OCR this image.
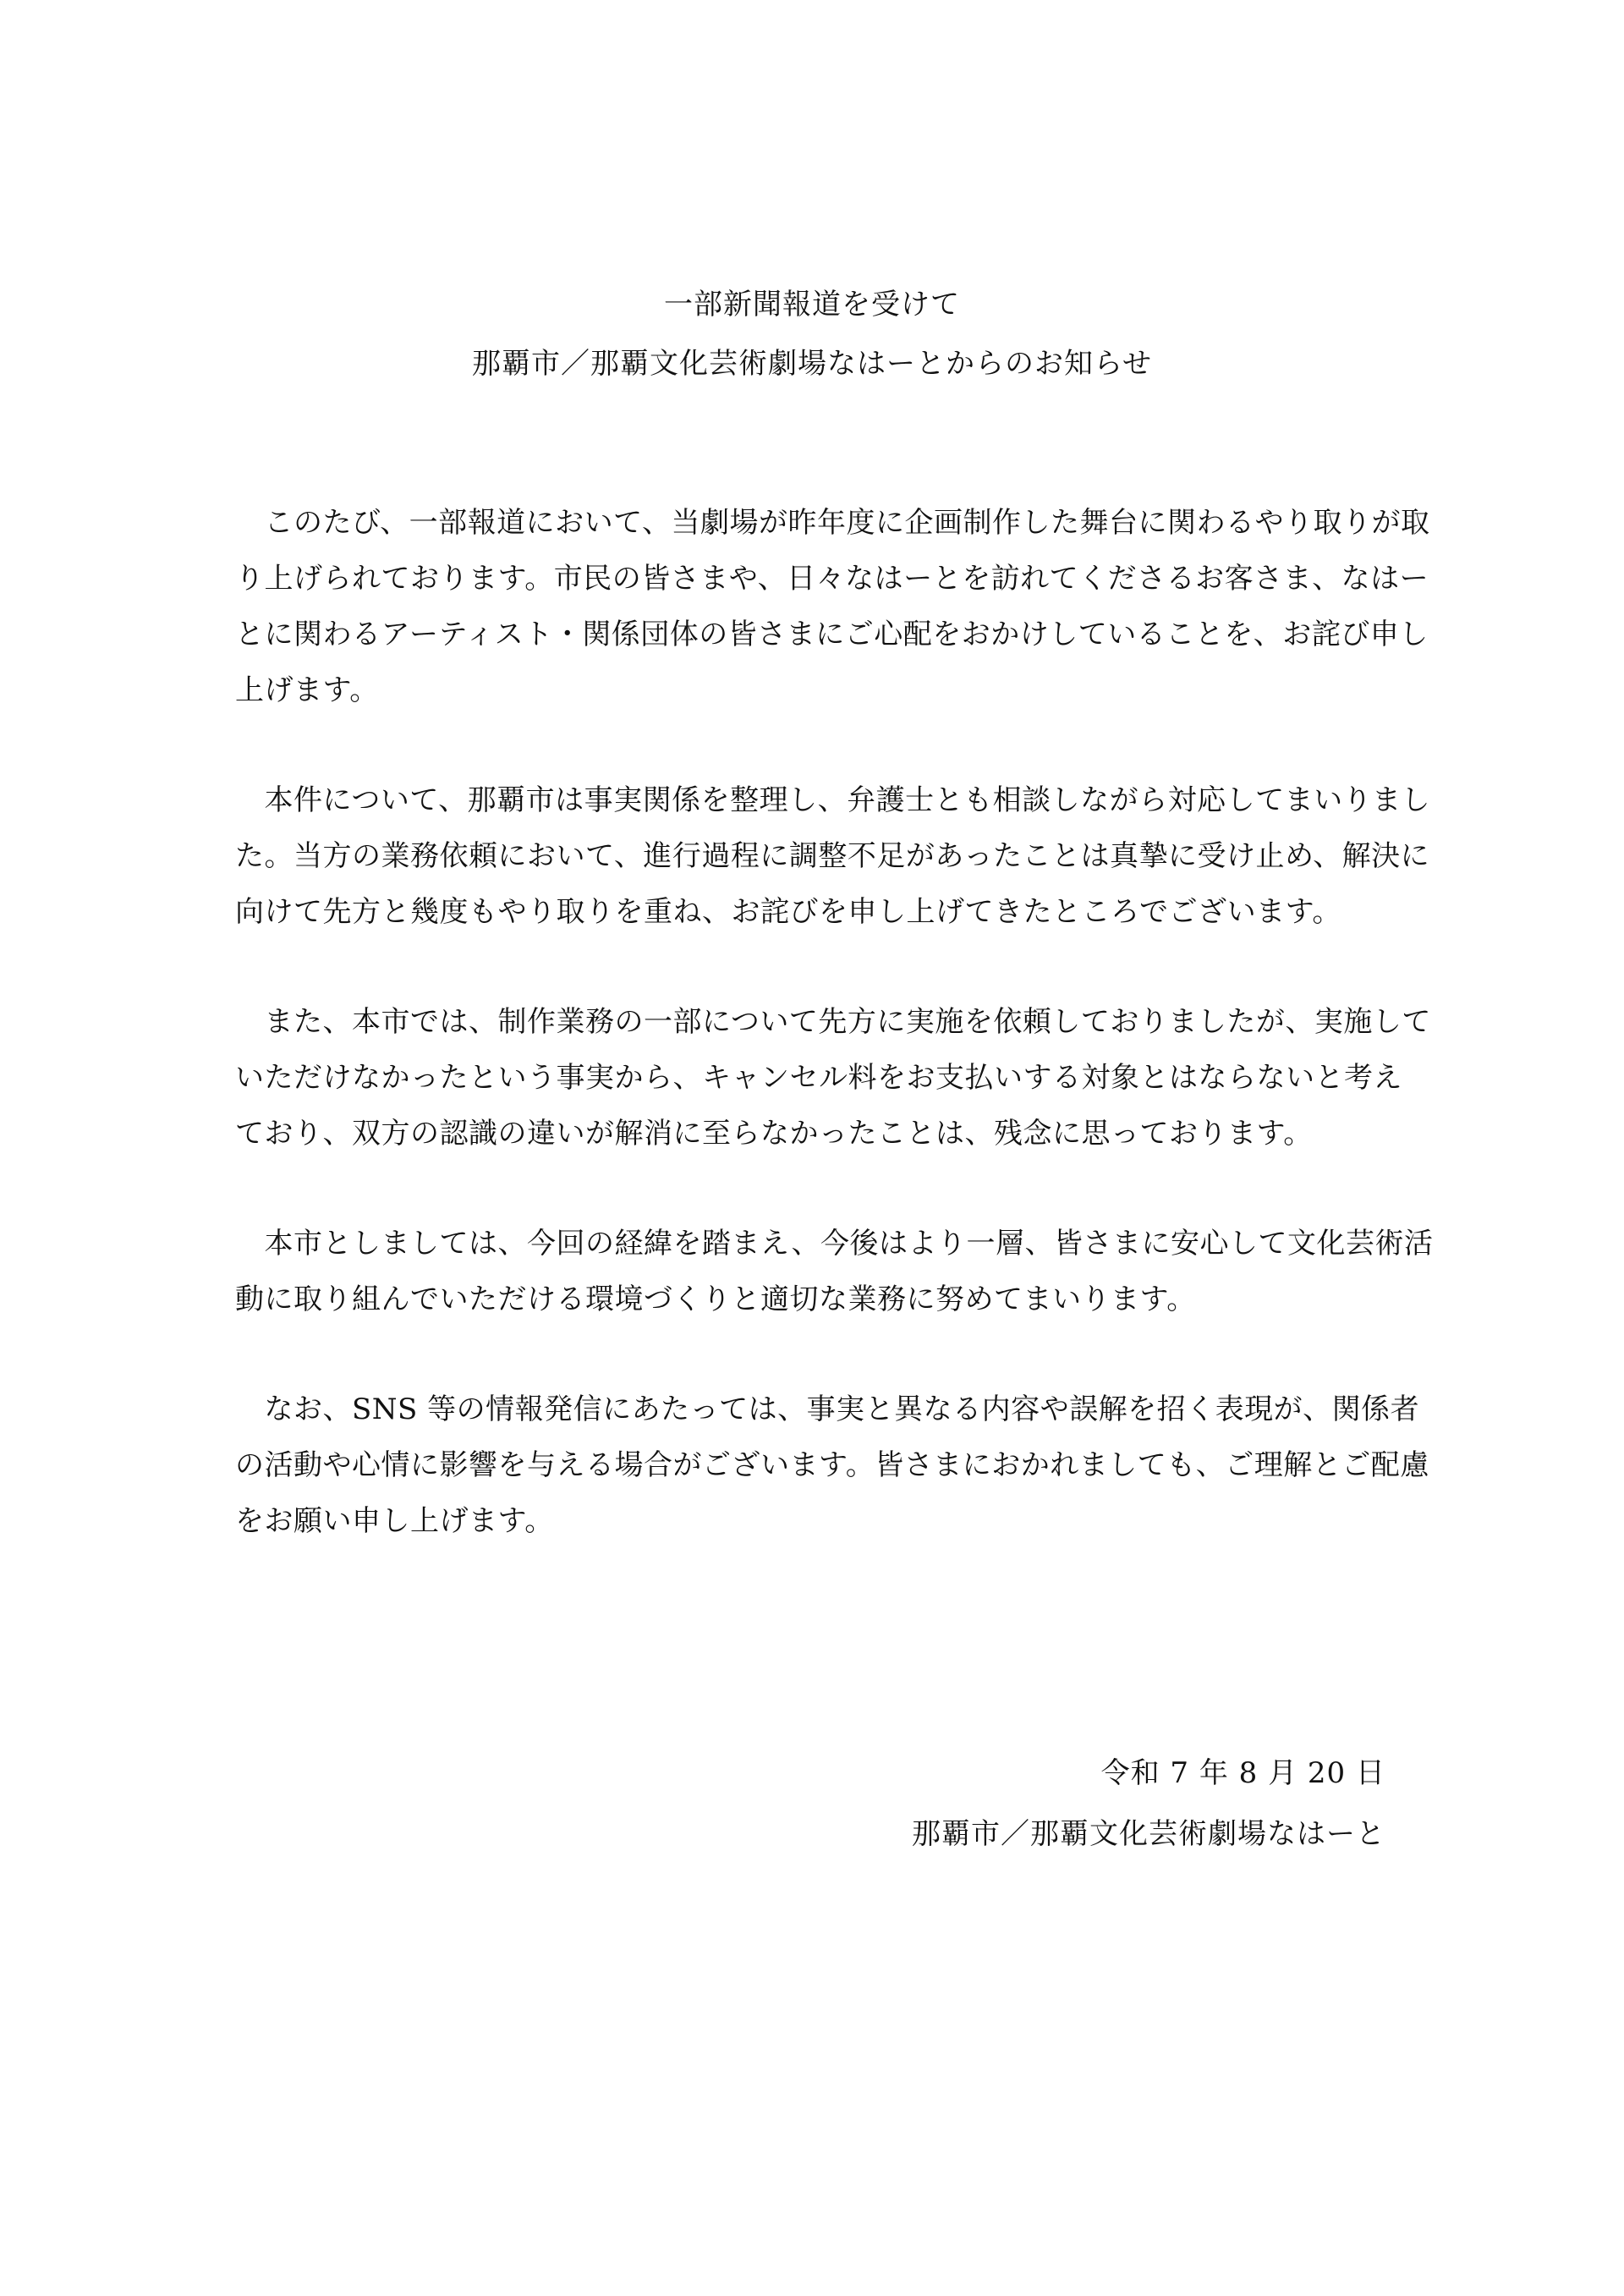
一部新聞報道を受けて
那覇市／那覇文化芸術劇場なはーとからのお知らせ
　このたび、一部報道において、当劇場が昨年度に企画制作した舞台に関わるやり取りが取
り上げられております。市民の皆さまや、日々なはーとを訪れてくださるお客さま、なはー
とに関わるアーティスト・関係団体の皆さまにご心配をおかけしていることを、お詫び申し
上げます。
　本件について、那覇市は事実関係を整理し、弁護士とも相談しながら対応してまいりまし
た。当方の業務依頼において、進行過程に調整不足があったことは真摯に受け止め、解決に
向けて先方と幾度もやり取りを重ね、お詫びを申し上げてきたところでございます。
　また、本市では、制作業務の一部について先方に実施を依頼しておりましたが、実施して
いただけなかったという事実から、キャンセル料をお支払いする対象とはならないと考え
ており、双方の認識の違いが解消に至らなかったことは、残念に思っております。
　本市としましては、今回の経緯を踏まえ、今後はより一層、皆さまに安心して文化芸術活
動に取り組んでいただける環境づくりと適切な業務に努めてまいります。
　なお、SNS 等の情報発信にあたっては、事実と異なる内容や誤解を招く表現が、関係者
の活動や心情に影響を与える場合がございます。皆さまにおかれましても、ご理解とご配慮
をお願い申し上げます。
令和 7 年 8 月 20 日
那覇市／那覇文化芸術劇場なはーと
